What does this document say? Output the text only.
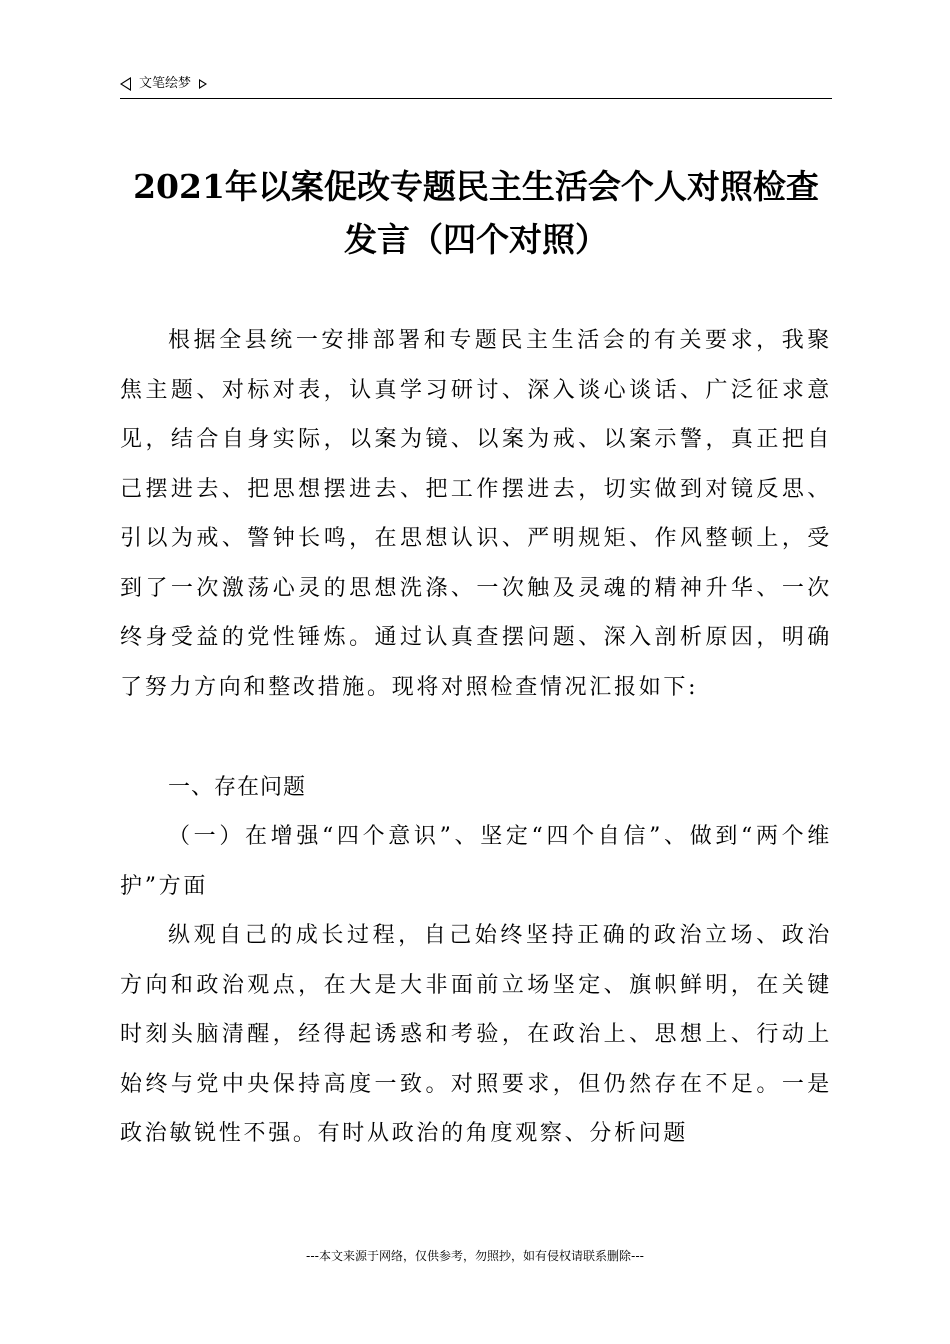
文笔绘梦
2021年以案促改专题民主生活会个人对照检查
发言（四个对照）

根据全县统一安排部署和专题民主生活会的有关要求，我聚焦主题、对标对表，认真学习研讨、深入谈心谈话、广泛征求意见，结合自身实际，以案为镜、以案为戒、以案示警，真正把自己摆进去、把思想摆进去、把工作摆进去，切实做到对镜反思、引以为戒、警钟长鸣，在思想认识、严明规矩、作风整顿上，受到了一次激荡心灵的思想洗涤、一次触及灵魂的精神升华、一次终身受益的党性锤炼。通过认真查摆问题、深入剖析原因，明确了努力方向和整改措施。现将对照检查情况汇报如下:

一、存在问题

（一）在增强“四个意识”、坚定“四个自信”、做到“两个维护”方面

纵观自己的成长过程，自己始终坚持正确的政治立场、政治方向和政治观点，在大是大非面前立场坚定、旗帜鲜明，在关键时刻头脑清醒，经得起诱惑和考验，在政治上、思想上、行动上始终与党中央保持高度一致。对照要求，但仍然存在不足。一是政治敏锐性不强。有时从政治的角度观察、分析问题

---本文来源于网络，仅供参考，勿照抄，如有侵权请联系删除---
